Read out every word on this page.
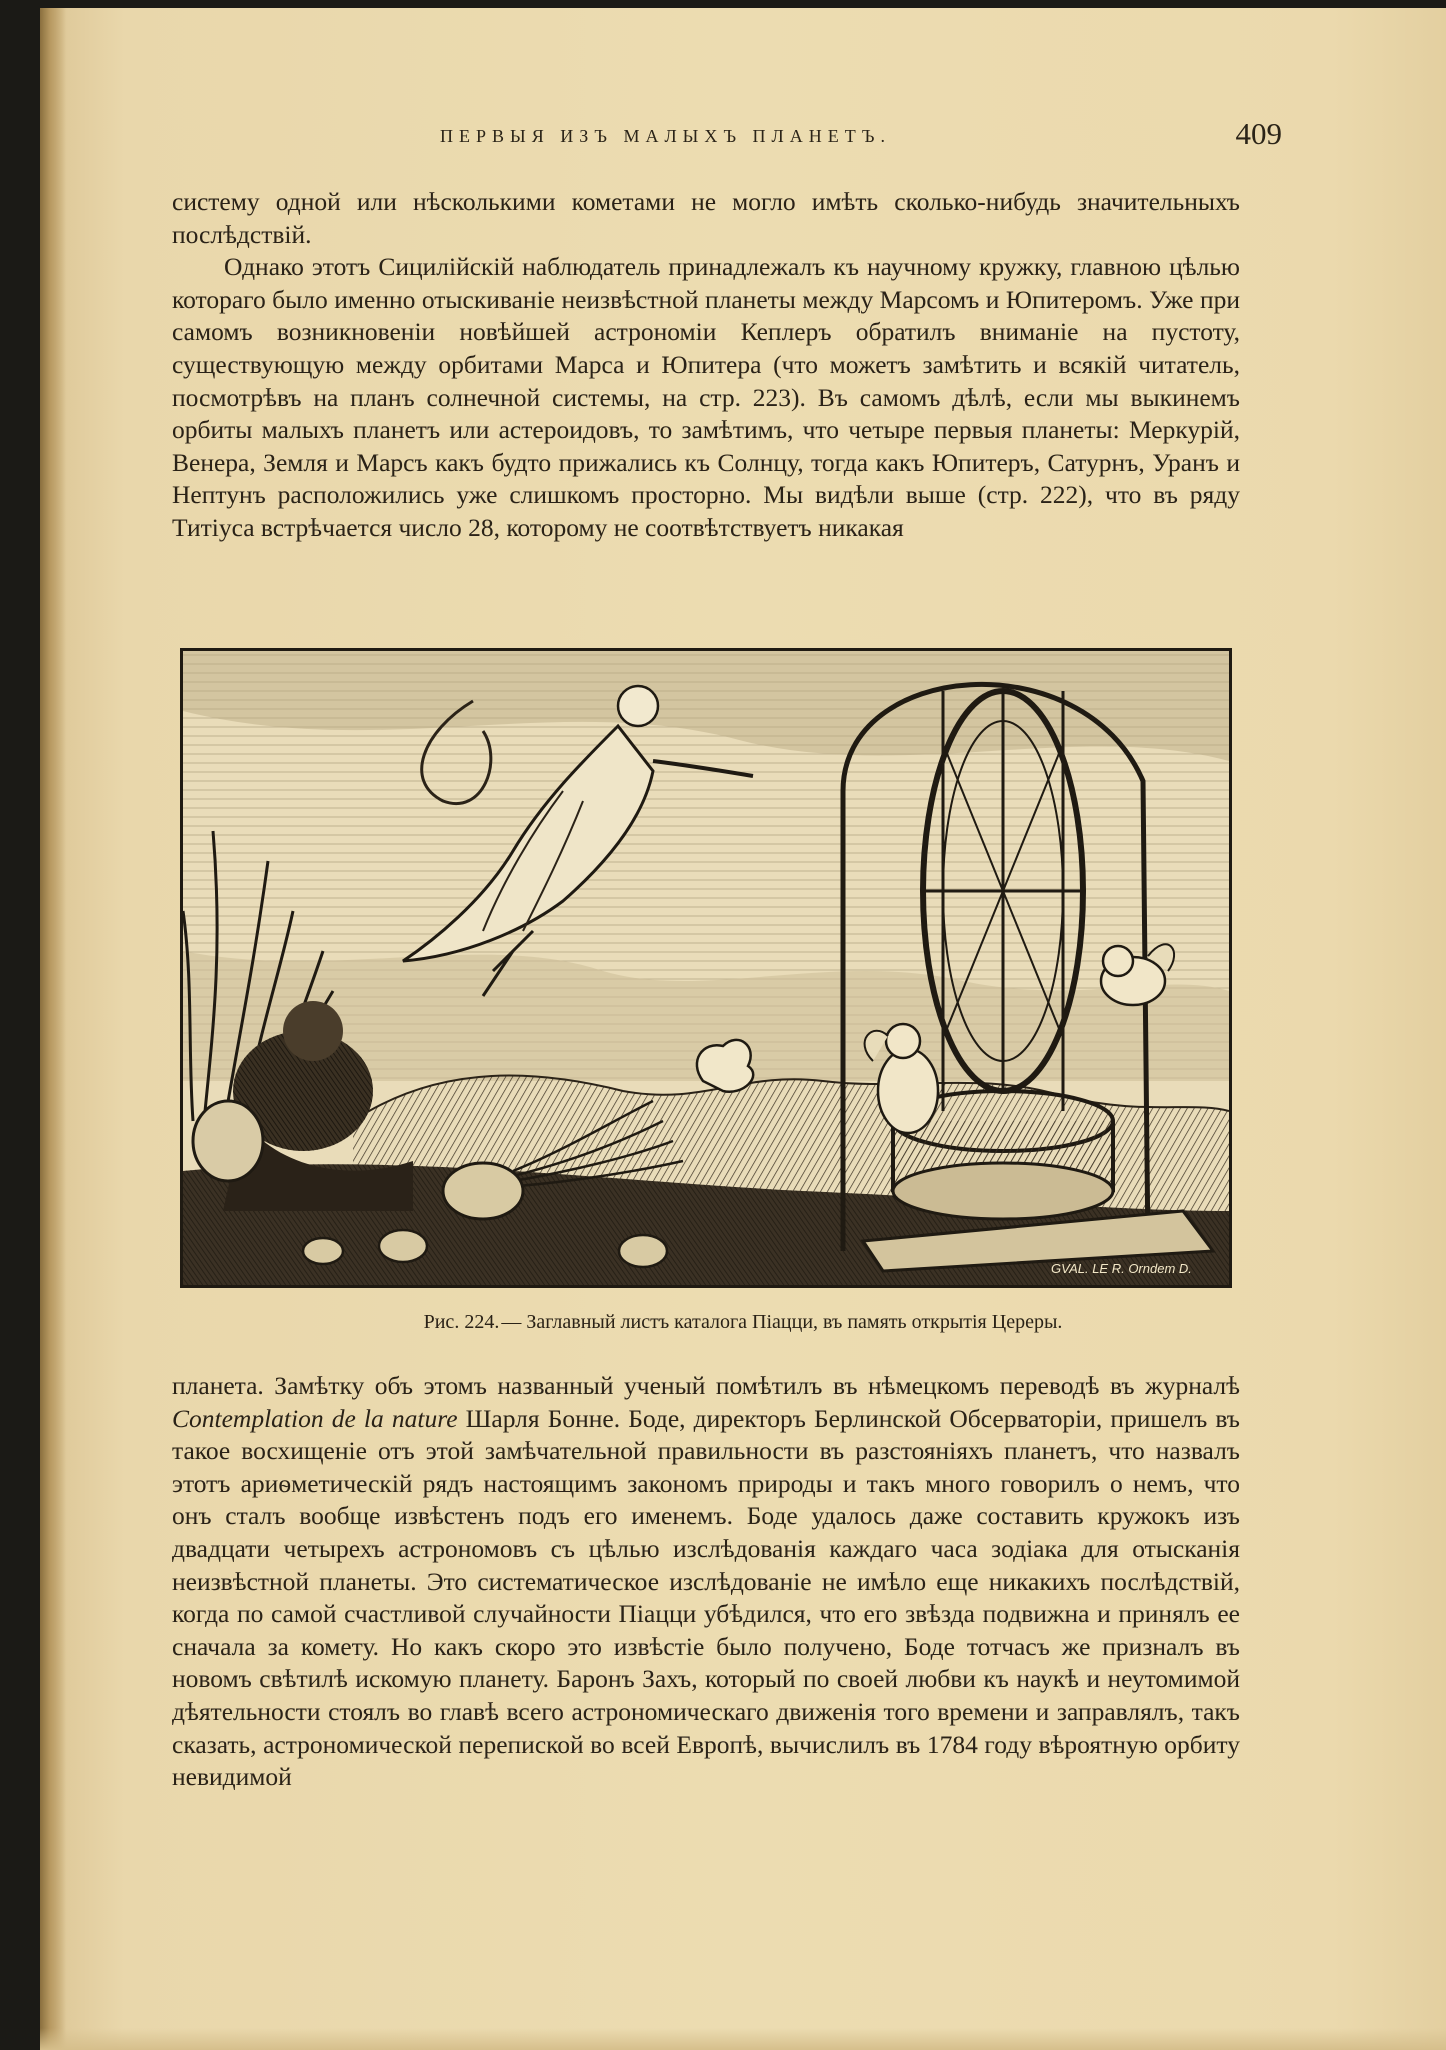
ПЕРВЫЯ ИЗЪ МАЛЫХЪ ПЛАНЕТЪ.	409

систему одной или нѣсколькими кометами не могло имѣть сколько-нибудь значительныхъ послѣдствій.

Однако этотъ Сицилійскій наблюдатель принадлежалъ къ научному кружку, главною цѣлью котораго было именно отыскиваніе неизвѣстной планеты между Марсомъ и Юпитеромъ. Уже при самомъ возникновеніи новѣйшей астрономіи Кеплеръ обратилъ вниманіе на пустоту, существующую между орбитами Марса и Юпитера (что можетъ замѣтить и всякій читатель, посмотрѣвъ на планъ солнечной системы, на стр. 223). Въ самомъ дѣлѣ, если мы выкинемъ орбиты малыхъ планетъ или астероидовъ, то замѣтимъ, что четыре первыя планеты: Меркурій, Венера, Земля и Марсъ какъ будто прижались къ Солнцу, тогда какъ Юпитеръ, Сатурнъ, Уранъ и Нептунъ расположились уже слишкомъ просторно. Мы видѣли выше (стр. 222), что въ ряду Титіуса встрѣчается число 28, которому не соотвѣтствуетъ никакая

GVAL. LE R. Orndem D.
Рис. 224. — Заглавный листъ каталога Піацци, въ память открытія Цереры.

планета. Замѣтку объ этомъ названный ученый помѣтилъ въ нѣмецкомъ переводѣ въ журналѣ Contemplation de la nature Шарля Бонне. Боде, директоръ Берлинской Обсерваторіи, пришелъ въ такое восхищеніе отъ этой замѣчательной правильности въ разстояніяхъ планетъ, что назвалъ этотъ ариѳметическій рядъ настоящимъ закономъ природы и такъ много говорилъ о немъ, что онъ сталъ вообще извѣстенъ подъ его именемъ. Боде удалось даже составить кружокъ изъ двадцати четырехъ астрономовъ съ цѣлью изслѣдованія каждаго часа зодіака для отысканія неизвѣстной планеты. Это систематическое изслѣдованіе не имѣло еще никакихъ послѣдствій, когда по самой счастливой случайности Піацци убѣдился, что его звѣзда подвижна и принялъ ее сначала за комету. Но какъ скоро это извѣстіе было получено, Боде тотчасъ же призналъ въ новомъ свѣтилѣ искомую планету. Баронъ Захъ, который по своей любви къ наукѣ и неутомимой дѣятельности стоялъ во главѣ всего астрономическаго движенія того времени и заправлялъ, такъ сказать, астрономической перепиской во всей Европѣ, вычислилъ въ 1784 году вѣроятную орбиту невидимой
